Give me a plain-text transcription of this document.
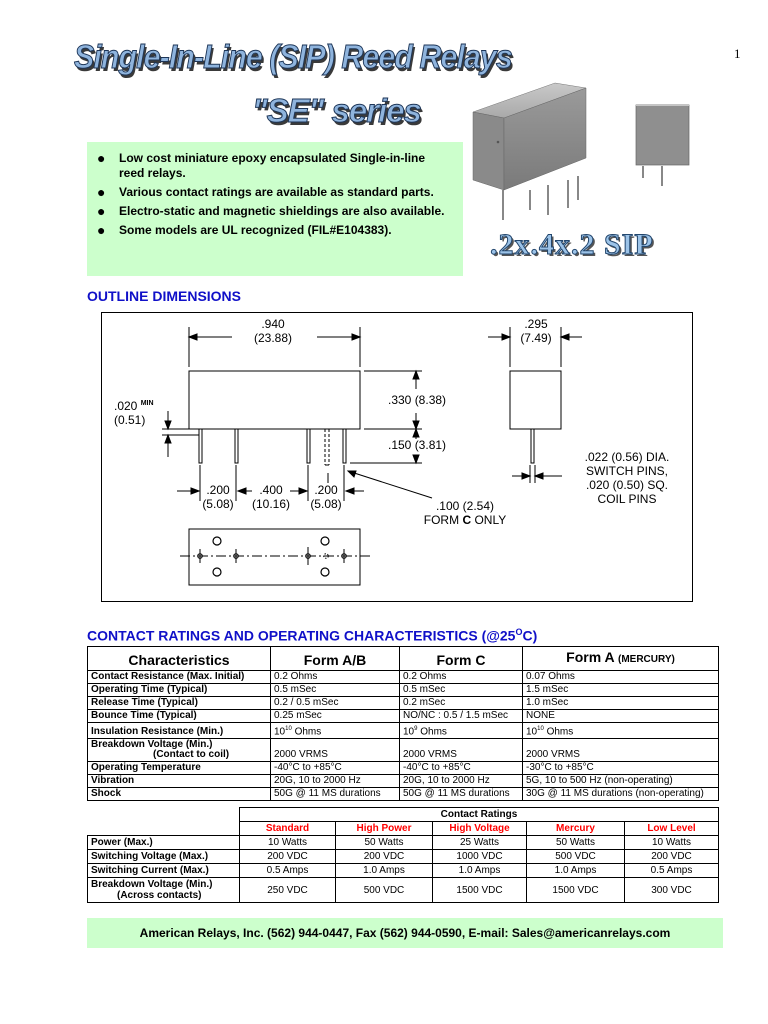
1
Single-In-Line (SIP) Reed Relays
"SE" series
● Low cost miniature epoxy encapsulated Single-in-line reed relays.
● Various contact ratings are available as standard parts.
● Electro-static and magnetic shieldings are also available.
● Some models are UL recognized (FIL#E104383).	.2x.4x.2 SIP
OUTLINE DIMENSIONS
.940
(23.88)
.295
(7.49)
.020 $^{MIN}$
(0.51)
.330 (8.38)
.150 (3.81)
.022 (0.56) DIA.
SWITCH PINS,
.020 (0.50) SQ.
COIL PINS
.200
(5.08)
.400
(10.16)
.200
(5.08)	.100 (2.54)
FORM C ONLY
CONTACT RATINGS AND OPERATING CHARACTERISTICS $(@25^OC)$
Characteristics	Form A/B	Form C	Form A (MERCURY)
Contact Resistance (Max. Initial)	0.2 Ohms	0.2 Ohms	0.07 Ohms
Operating Time (Typical)	0.5 mSec	0.5 mSec	1.5 mSec
Release Time (Typical)	0.2 / 0.5 mSec	0.2 mSec	1.0 mSec
Bounce Time (Typical)	0.25 mSec	NO/NC : 0.5 / 1.5 mSec	NONE
Insulation Resistance (Min.)	$10^{10}$ Ohms	$10^9$ Ohms	$10^{10}$ Ohms

Breakdown Voltage (Min.)
(Contact to coil)	2000 VRMS	2000 VRMS	2000 VRMS
Operating Temperature	-40°C to +85°C	-40°C to +85°C	-30°C to +85°C
Vibration	20G, 10 to 2000 Hz	20G, 10 to 2000 Hz	5G, 10 to 500 Hz (non-operating)
Shock	50G @ 11 MS durations	50G @ 11 MS durations	30G @ 11 MS durations (non-operating)
	Contact Ratings				
	Standard	High Power	High Voltage	Mercury	Low Level
Power (Max.)	10 Watts	50 Watts	25 Watts	50 Watts	10 Watts
Switching Voltage (Max.)	200 VDC	200 VDC	1000 VDC	500 VDC	200 VDC
Switching Current (Max.)	0.5 Amps	1.0 Amps	1.0 Amps	1.0 Amps	0.5 Amps

Breakdown Voltage (Min.)
(Across contacts)	250 VDC	500 VDC	1500 VDC	1500 VDC	300 VDC
American Relays, Inc. (562) 944-0447, Fax (562) 944-0590, E-mail: Sales@americanrelays.com
